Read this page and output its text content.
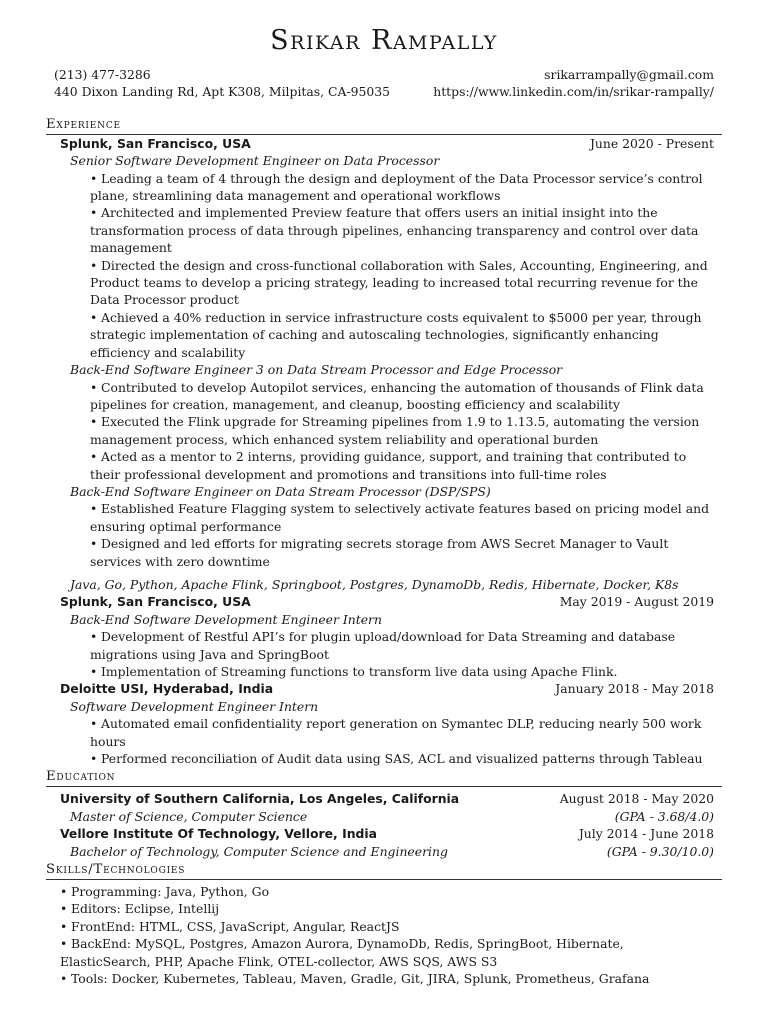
Srikar Rampally
(213) 477-3286
440 Dixon Landing Rd, Apt K308, Milpitas, CA-95035
srikarrampally@gmail.com
https://www.linkedin.com/in/srikar-rampally/
Experience
Splunk, San Francisco, USA	June 2020 - Present
Senior Software Development Engineer on Data Processor
• Leading a team of 4 through the design and deployment of the Data Processor service’s control plane, streamlining data management and operational workflows
• Architected and implemented Preview feature that offers users an initial insight into the transformation process of data through pipelines, enhancing transparency and control over data management
• Directed the design and cross-functional collaboration with Sales, Accounting, Engineering, and Product teams to develop a pricing strategy, leading to increased total recurring revenue for the Data Processor product
• Achieved a 40% reduction in service infrastructure costs equivalent to $5000 per year, through strategic implementation of caching and autoscaling technologies, significantly enhancing efficiency and scalability
Back-End Software Engineer 3 on Data Stream Processor and Edge Processor
• Contributed to develop Autopilot services, enhancing the automation of thousands of Flink data pipelines for creation, management, and cleanup, boosting efficiency and scalability
• Executed the Flink upgrade for Streaming pipelines from 1.9 to 1.13.5, automating the version management process, which enhanced system reliability and operational burden
• Acted as a mentor to 2 interns, providing guidance, support, and training that contributed to their professional development and promotions and transitions into full-time roles
Back-End Software Engineer on Data Stream Processor (DSP/SPS)
• Established Feature Flagging system to selectively activate features based on pricing model and ensuring optimal performance
• Designed and led efforts for migrating secrets storage from AWS Secret Manager to Vault services with zero downtime
Java, Go, Python, Apache Flink, Springboot, Postgres, DynamoDb, Redis, Hibernate, Docker, K8s
Splunk, San Francisco, USA	May 2019 - August 2019
Back-End Software Development Engineer Intern
• Development of Restful API’s for plugin upload/download for Data Streaming and database migrations using Java and SpringBoot
• Implementation of Streaming functions to transform live data using Apache Flink.
Deloitte USI, Hyderabad, India	January 2018 - May 2018
Software Development Engineer Intern
• Automated email confidentiality report generation on Symantec DLP, reducing nearly 500 work hours
• Performed reconciliation of Audit data using SAS, ACL and visualized patterns through Tableau
Education
University of Southern California, Los Angeles, California	August 2018 - May 2020
Master of Science, Computer Science	(GPA - 3.68/4.0)
Vellore Institute Of Technology, Vellore, India	July 2014 - June 2018
Bachelor of Technology, Computer Science and Engineering	(GPA - 9.30/10.0)
Skills/Technologies
• Programming: Java, Python, Go
• Editors: Eclipse, Intellij
• FrontEnd: HTML, CSS, JavaScript, Angular, ReactJS
• BackEnd: MySQL, Postgres, Amazon Aurora, DynamoDb, Redis, SpringBoot, Hibernate, ElasticSearch, PHP, Apache Flink, OTEL-collector, AWS SQS, AWS S3
• Tools: Docker, Kubernetes, Tableau, Maven, Gradle, Git, JIRA, Splunk, Prometheus, Grafana
